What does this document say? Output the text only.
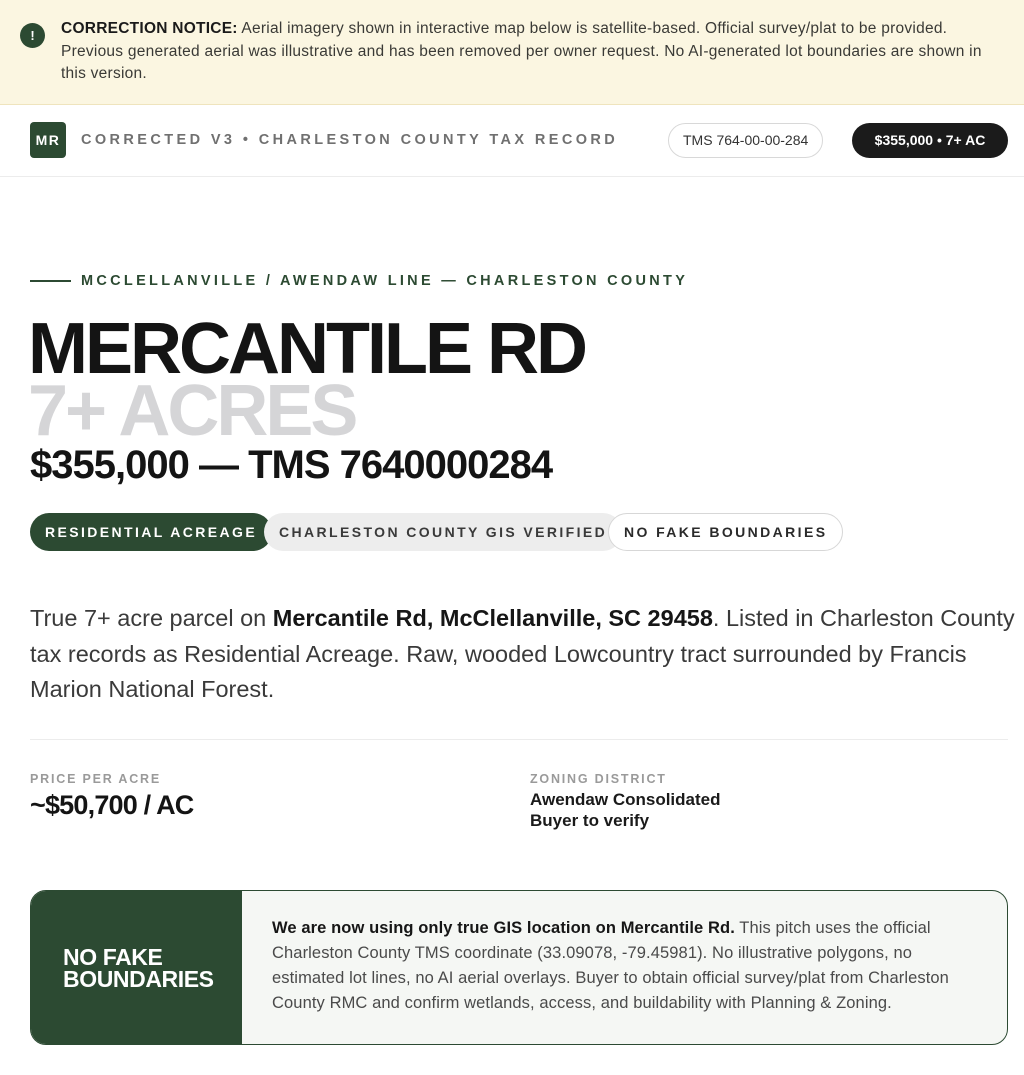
!	CORRECTION NOTICE: Aerial imagery shown in interactive map below is satellite-based. Official survey/plat to be provided. Previous generated aerial was illustrative and has been removed per owner request. No AI-generated lot boundaries are shown in this version.

MR	CORRECTED V3 • CHARLESTON COUNTY TAX RECORD	TMS 764-00-00-284	$355,000 • 7+ AC
MCCLELLANVILLE / AWENDAW LINE — CHARLESTON COUNTY
MERCANTILE RD
7+ ACRES
$355,000 — TMS 7640000284
RESIDENTIAL ACREAGE	CHARLESTON COUNTY GIS VERIFIED	NO FAKE BOUNDARIES

True 7+ acre parcel on Mercantile Rd, McClellanville, SC 29458. Listed in Charleston County tax records as Residential Acreage. Raw, wooded Lowcountry tract surrounded by Francis Marion National Forest.

PRICE PER ACRE
~$50,700 / AC
ZONING DISTRICT
Awendaw Consolidated
Buyer to verify
NO FAKE BOUNDARIES

We are now using only true GIS location on Mercantile Rd. This pitch uses the official Charleston County TMS coordinate (33.09078, -79.45981). No illustrative polygons, no estimated lot lines, no AI aerial overlays. Buyer to obtain official survey/plat from Charleston County RMC and confirm wetlands, access, and buildability with Planning & Zoning.
